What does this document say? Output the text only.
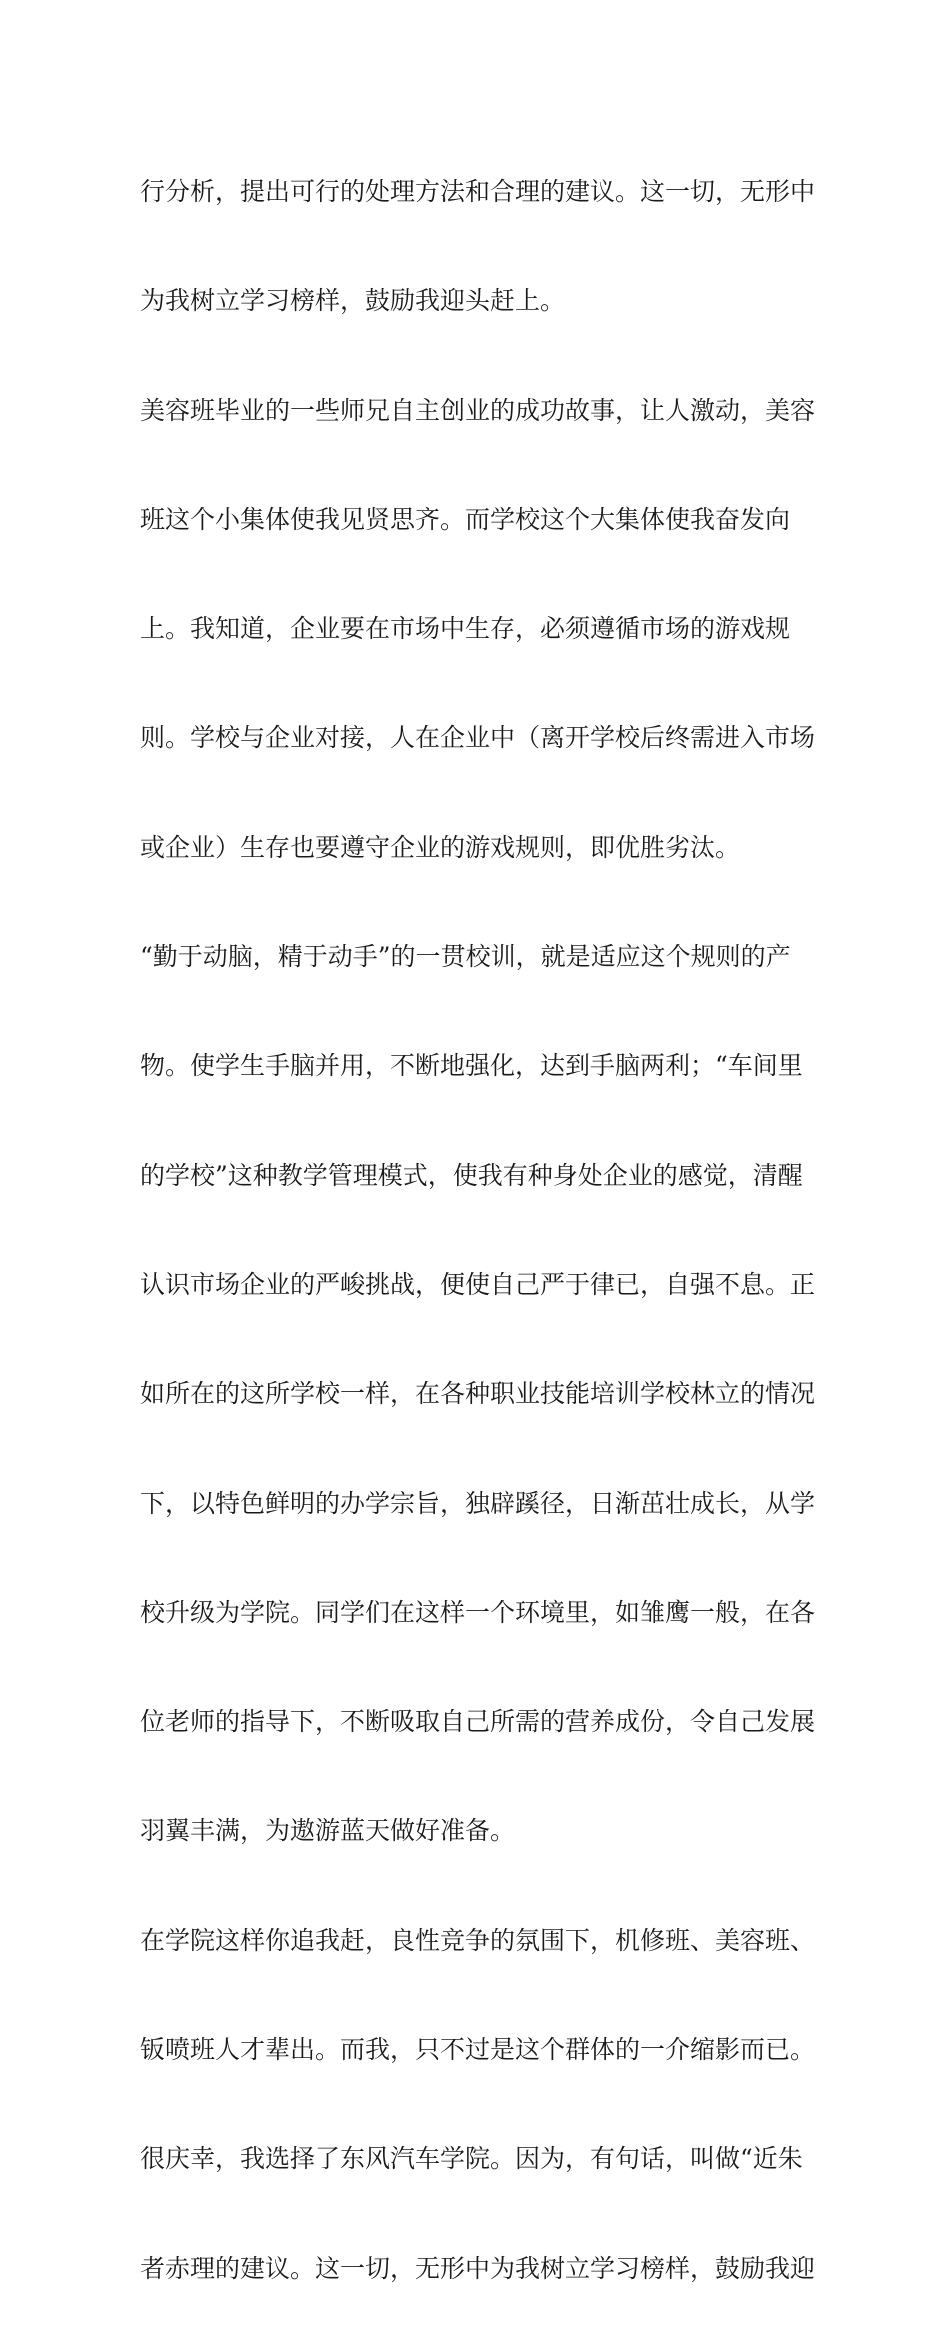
行分析，提出可行的处理方法和合理的建议。这一切，无形中

为我树立学习榜样，鼓励我迎头赶上。

美容班毕业的一些师兄自主创业的成功故事，让人激动，美容

班这个小集体使我见贤思齐。而学校这个大集体使我奋发向

上。我知道，企业要在市场中生存，必须遵循市场的游戏规

则。学校与企业对接，人在企业中（离开学校后终需进入市场

或企业）生存也要遵守企业的游戏规则，即优胜劣汰。

“勤于动脑，精于动手”的一贯校训，就是适应这个规则的产

物。使学生手脑并用，不断地强化，达到手脑两利；“车间里

的学校”这种教学管理模式，使我有种身处企业的感觉，清醒

认识市场企业的严峻挑战，便使自己严于律已，自强不息。正

如所在的这所学校一样，在各种职业技能培训学校林立的情况

下，以特色鲜明的办学宗旨，独辟蹊径，日渐茁壮成长，从学

校升级为学院。同学们在这样一个环境里，如雏鹰一般，在各

位老师的指导下，不断吸取自己所需的营养成份，令自己发展

羽翼丰满，为遨游蓝天做好准备。

在学院这样你追我赶，良性竞争的氛围下，机修班、美容班、

钣喷班人才辈出。而我，只不过是这个群体的一介缩影而已。

很庆幸，我选择了东风汽车学院。因为，有句话，叫做“近朱

者赤理的建议。这一切，无形中为我树立学习榜样，鼓励我迎
